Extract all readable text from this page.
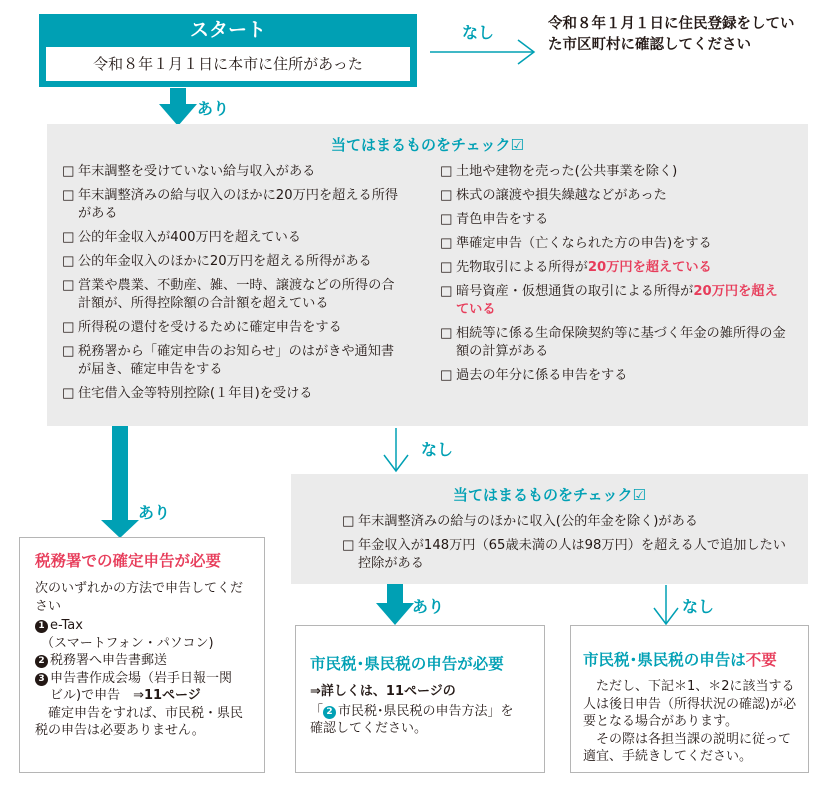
スタート
令和８年１月１日に本市に住所があった
なし	令和８年１月１日に住民登録をしていた市区町村に確認してください
あり
当てはまるものをチェック☑
□ 年末調整を受けていない給与収入がある
□ 年末調整済みの給与収入のほかに20万円を超える所得がある
□ 公的年金収入が400万円を超えている
□ 公的年金収入のほかに20万円を超える所得がある
□ 営業や農業、不動産、雑、一時、譲渡などの所得の合計額が、所得控除額の合計額を超えている
□ 所得税の還付を受けるために確定申告をする
□ 税務署から「確定申告のお知らせ」のはがきや通知書が届き、確定申告をする
□ 住宅借入金等特別控除(１年目)を受ける
□ 土地や建物を売った(公共事業を除く)
□ 株式の譲渡や損失繰越などがあった
□ 青色申告をする
□ 準確定申告（亡くなられた方の申告)をする
□ 先物取引による所得が20万円を超えている
□ 暗号資産・仮想通貨の取引による所得が20万円を超えている
□ 相続等に係る生命保険契約等に基づく年金の雑所得の金額の計算がある
□ 過去の年分に係る申告をする
あり
なし
当てはまるものをチェック☑
□ 年末調整済みの給与のほかに収入(公的年金を除く)がある
□ 年金収入が148万円（65歳未満の人は98万円）を超える人で追加したい控除がある
あり	なし
税務署での確定申告が必要
次のいずれかの方法で申告してください
1 e-Tax
（スマートフォン・パソコン)
2 税務署へ申告書郵送
3 申告書作成会場（岩手日報一関
ビル)で申告　⇒11ページ
確定申告をすれば、市民税・県民税の申告は必要ありません。
市民税･県民税の申告が必要
⇒詳しくは、11ページの
「 2 市民税･県民税の申告方法」を
確認してください。
市民税･県民税の申告は不要
ただし、下記＊1、＊2に該当する人は後日申告（所得状況の確認)が必要となる場合があります。
その際は各担当課の説明に従って適宜、手続きしてください。
